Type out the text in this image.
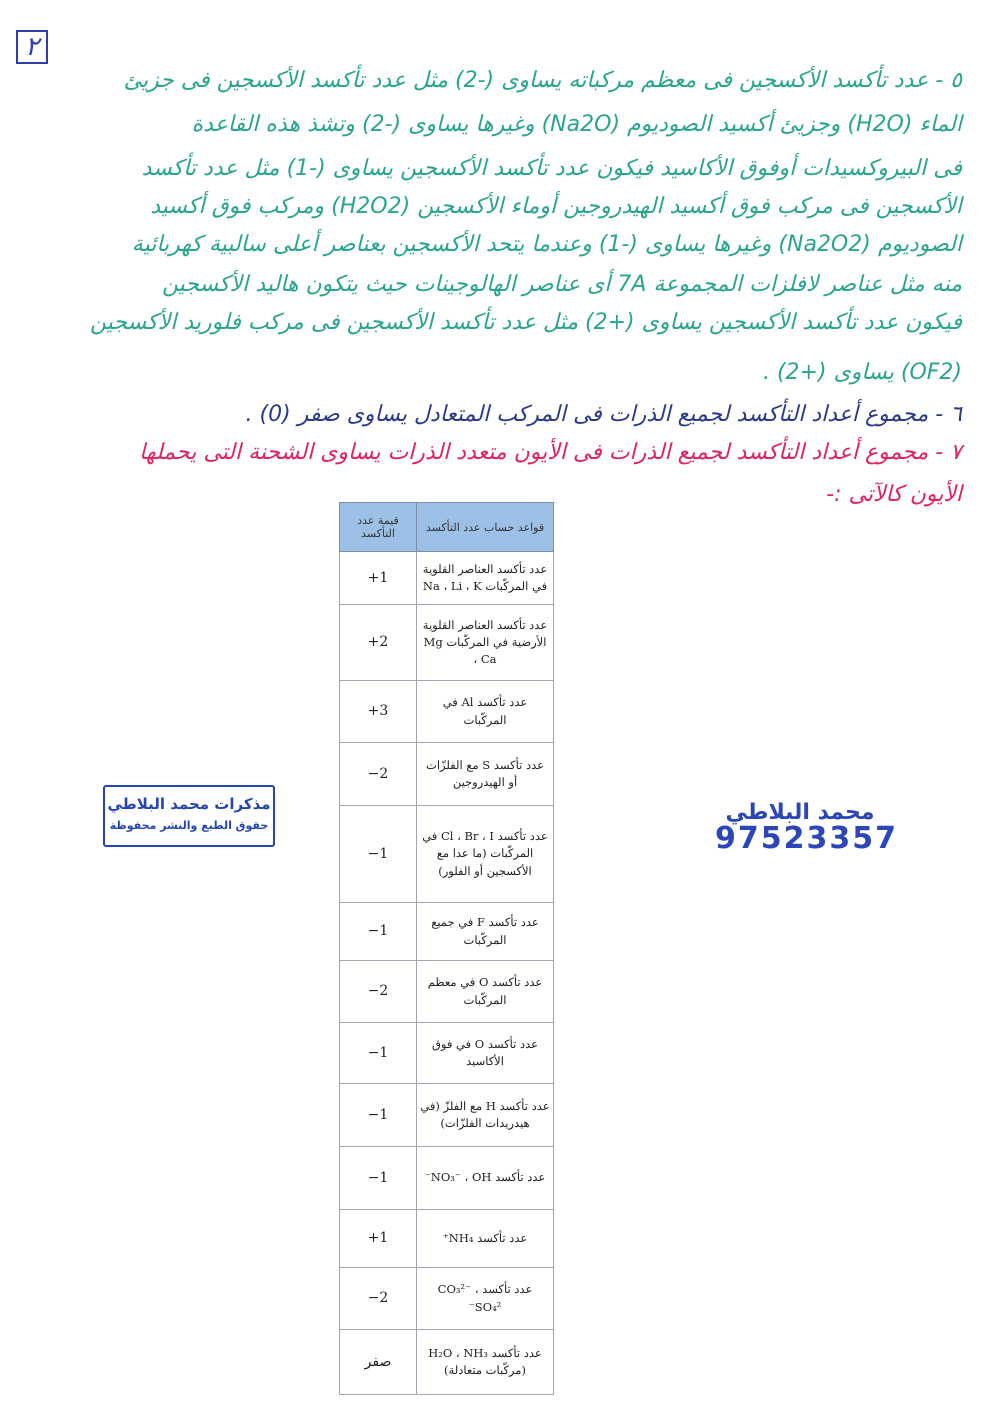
٢
٥ - عدد تأكسد الأكسجين فى معظم مركباته يساوى (-2) مثل عدد تأكسد الأكسجين فى جزيئ
الماء (H2O) وجزيئ أكسيد الصوديوم (Na2O) وغيرها يساوى (-2) وتشذ هذه القاعدة
فى البيروكسيدات أوفوق الأكاسيد فيكون عدد تأكسد الأكسجين يساوى (-1) مثل عدد تأكسد
الأكسجين فى مركب فوق أكسيد الهيدروجين أوماء الأكسجين (H2O2) ومركب فوق أكسيد
الصوديوم (Na2O2) وغيرها يساوى (-1) وعندما يتحد الأكسجين بعناصر أعلى سالبية كهربائية
منه مثل عناصر لافلزات المجموعة 7A أى عناصر الهالوجينات حيث يتكون هاليد الأكسجين
فيكون عدد تأكسد الأكسجين يساوى (+2) مثل عدد تأكسد الأكسجين فى مركب فلوريد الأكسجين
(OF2) يساوى (+2) .
٦ - مجموع أعداد التأكسد لجميع الذرات فى المركب المتعادل يساوى صفر (0) .
٧ - مجموع أعداد التأكسد لجميع الذرات فى الأيون متعدد الذرات يساوى الشحنة التى يحملها
الأيون كالآتى :-
قواعد حساب عدد التأكسد	قيمة عدد التأكسد
عدد تأكسد العناصر القلوية في المركّبات Na ، Li ، K	+1
عدد تأكسد العناصر القلوية الأرضية في المركّبات Mg ، Ca	+2
عدد تأكسد Al في المركّبات	+3
عدد تأكسد S مع الفلزّات أو الهيدروجين	−2
عدد تأكسد Cl ، Br ، I في المركّبات (ما عدا مع الأكسجين أو الفلور)	−1
عدد تأكسد F في جميع المركّبات	−1
عدد تأكسد O في معظم المركّبات	−2
عدد تأكسد O في فوق الأكاسيد	−1
عدد تأكسد H مع الفلزّ (في هيدريدات الفلزّات)	−1
عدد تأكسد NO₃⁻ ، OH⁻	−1
عدد تأكسد NH₄⁺	+1
عدد تأكسد CO₃²⁻ ، SO₄²⁻	−2
عدد تأكسد H₂O ، NH₃ (مركّبات متعادلة)	صفر
مذكرات محمد البلاطي
حقوق الطبع والنشر محفوظة
محمد البلاطي
97523357
